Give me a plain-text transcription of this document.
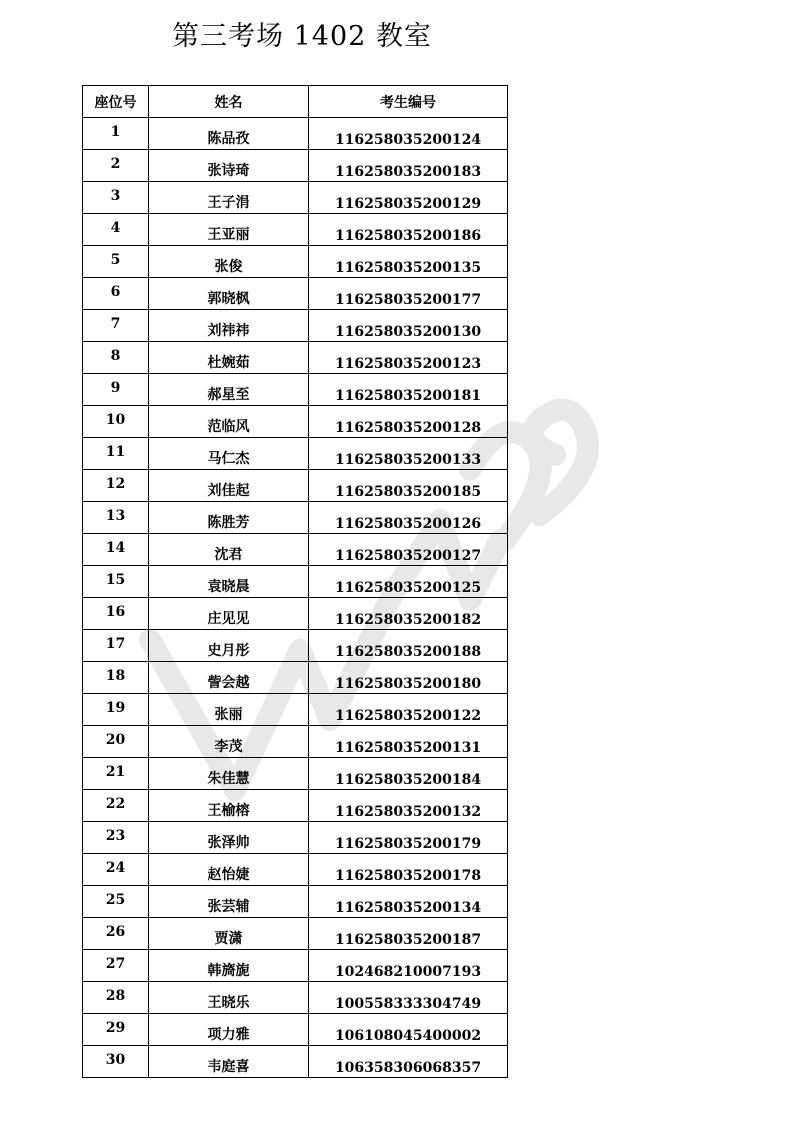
第三考场 1402 教室
座位号	姓名	考生编号
1	陈品孜	116258035200124
2	张诗琦	116258035200183
3	王子涓	116258035200129
4	王亚丽	116258035200186
5	张俊	116258035200135
6	郭晓枫	116258035200177
7	刘祎祎	116258035200130
8	杜婉茹	116258035200123
9	郝星至	116258035200181
10	范临风	116258035200128
11	马仁杰	116258035200133
12	刘佳起	116258035200185
13	陈胜芳	116258035200126
14	沈君	116258035200127
15	袁晓晨	116258035200125
16	庄见见	116258035200182
17	史月彤	116258035200188
18	訾会越	116258035200180
19	张丽	116258035200122
20	李茂	116258035200131
21	朱佳慧	116258035200184
22	王榆榕	116258035200132
23	张泽帅	116258035200179
24	赵怡婕	116258035200178
25	张芸辅	116258035200134
26	贾潇	116258035200187
27	韩旖旎	102468210007193
28	王晓乐	100558333304749
29	项力雅	106108045400002
30	韦庭喜	106358306068357
